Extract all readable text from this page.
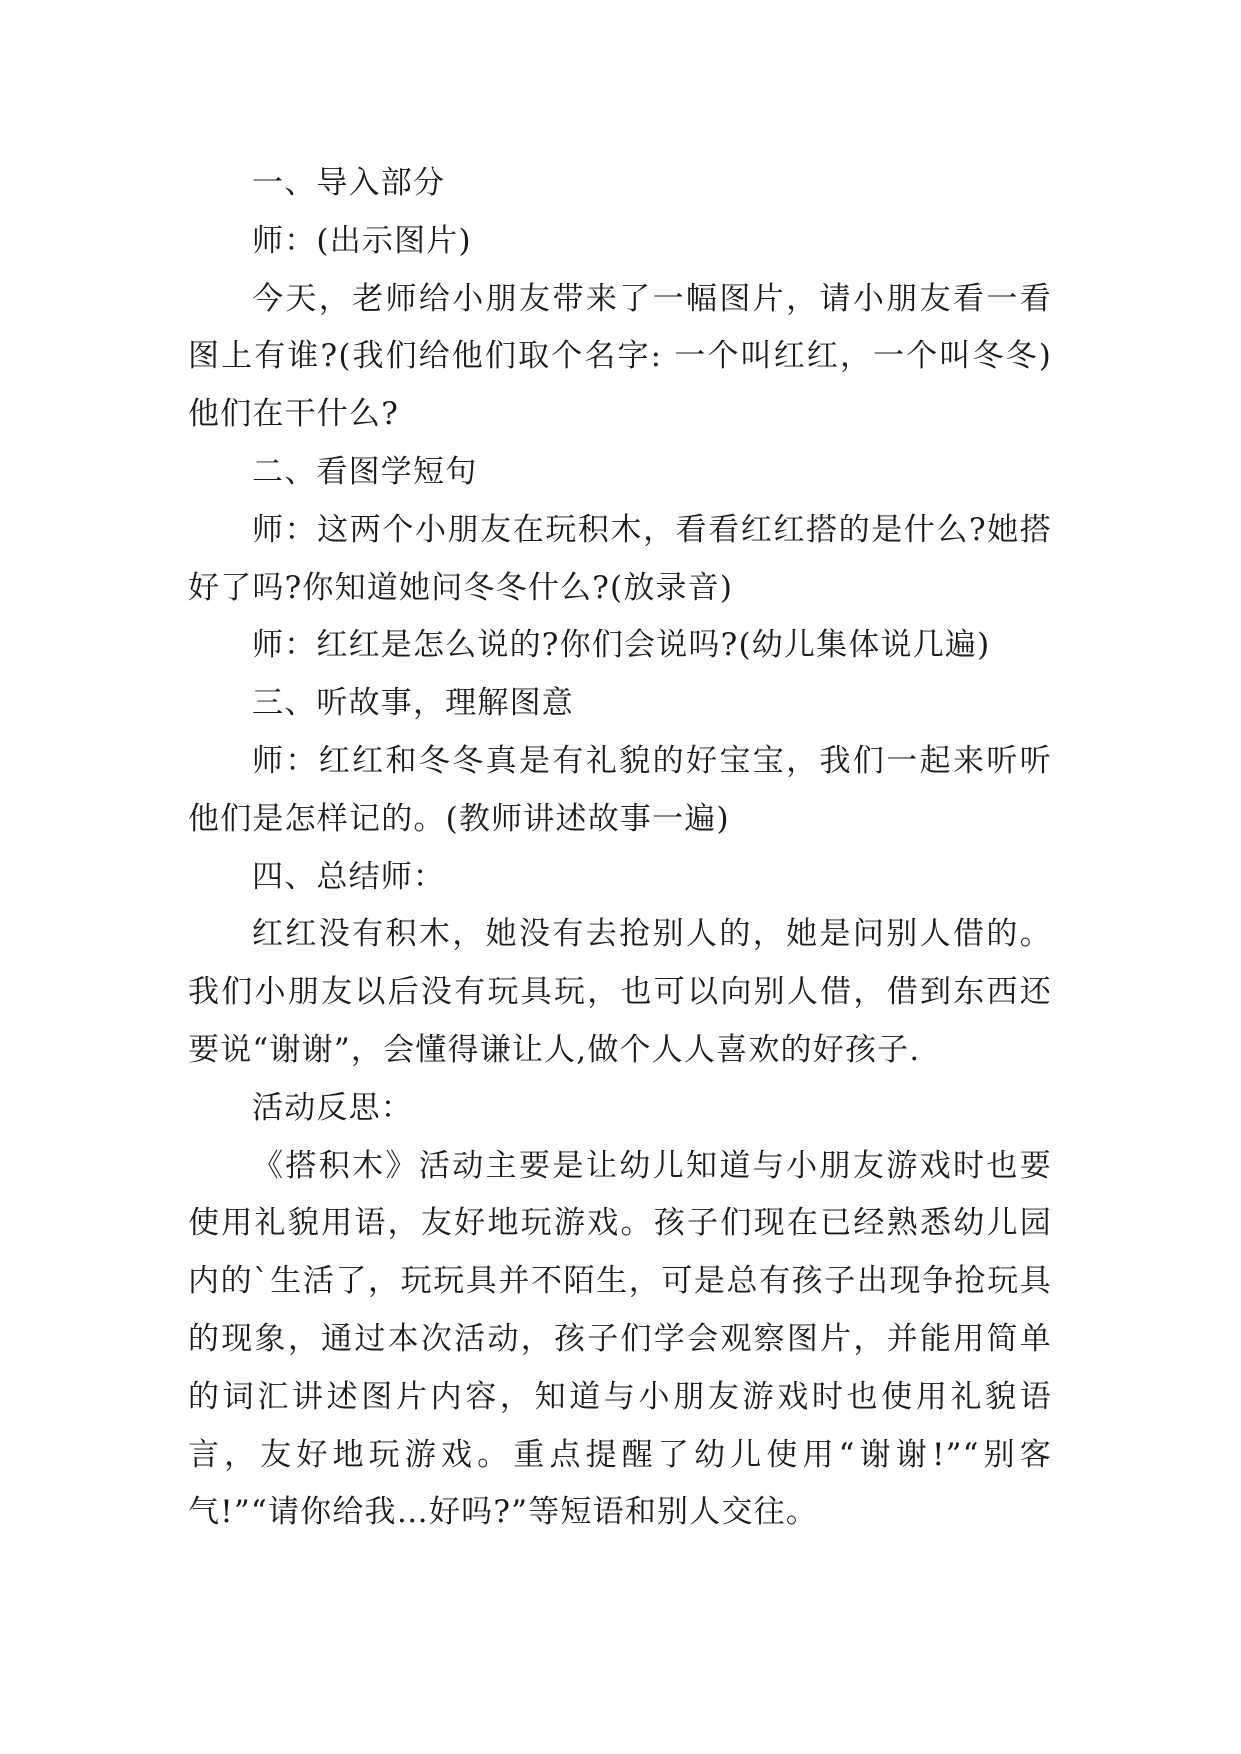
一、导入部分

师：(出示图片)

今天，老师给小朋友带来了一幅图片，请小朋友看一看图上有谁?(我们给他们取个名字: 一个叫红红，一个叫冬冬)他们在干什么?

二、看图学短句

师：这两个小朋友在玩积木，看看红红搭的是什么?她搭好了吗?你知道她问冬冬什么?(放录音)

师：红红是怎么说的?你们会说吗?(幼儿集体说几遍)

三、听故事，理解图意

师：红红和冬冬真是有礼貌的好宝宝，我们一起来听听他们是怎样记的。(教师讲述故事一遍)

四、总结师：

红红没有积木，她没有去抢别人的，她是问别人借的。我们小朋友以后没有玩具玩，也可以向别人借，借到东西还要说“谢谢”，会懂得谦让人,做个人人喜欢的好孩子.

活动反思：

《搭积木》活动主要是让幼儿知道与小朋友游戏时也要使用礼貌用语，友好地玩游戏。孩子们现在已经熟悉幼儿园内的`生活了，玩玩具并不陌生，可是总有孩子出现争抢玩具的现象，通过本次活动，孩子们学会观察图片，并能用简单的词汇讲述图片内容，知道与小朋友游戏时也使用礼貌语言，友好地玩游戏。重点提醒了幼儿使用“谢谢!”“别客气!”“请你给我…好吗?”等短语和别人交往。
